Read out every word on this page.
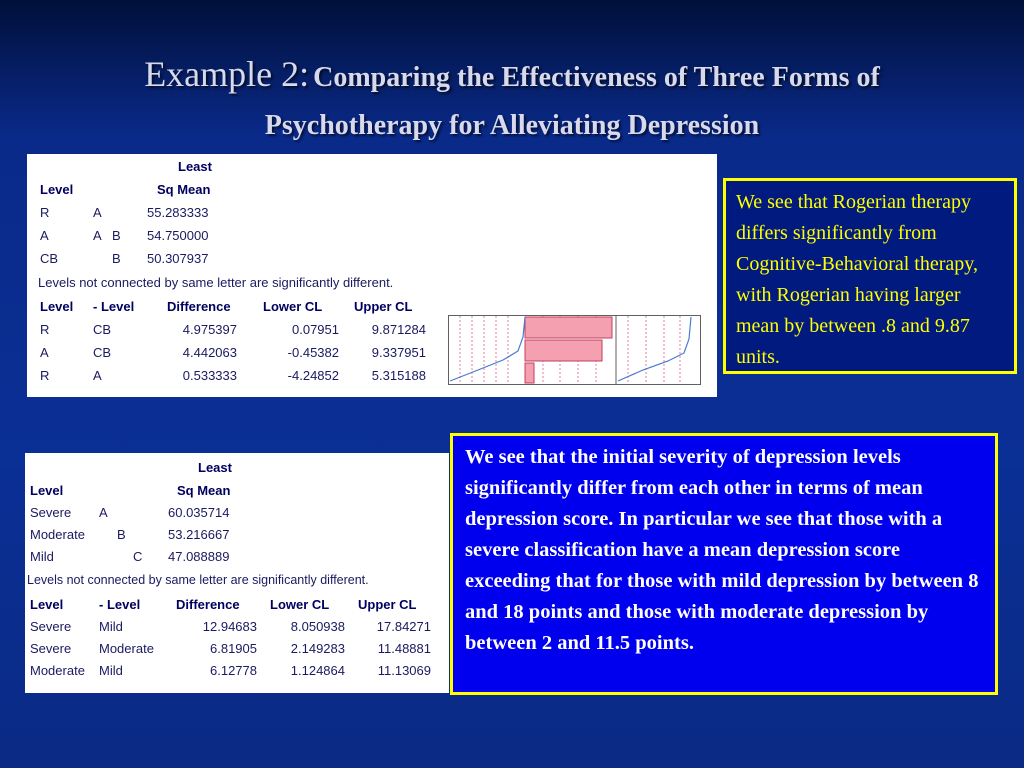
Example 2: Comparing the Effectiveness of Three Forms of
Psychotherapy for Alleviating Depression
Least
Level	Sq Mean
R	A	55.283333
A	A B 54.750000
CB	B 50.307937
Levels not connected by same letter are significantly different.
Level - Level	Difference Lower CL Upper CL
R	CB	4.975397	0.07951	9.871284
A	CB	4.442063	-0.45382	9.337951
R	A	0.533333	-4.24852	5.315188
Least
Level	Sq Mean
Severe A	60.035714
Moderate B	53.216667
Mild	C 47.088889
Levels not connected by same letter are significantly different.
Level	- Level	Difference Lower CL Upper CL
Severe Mild	12.94683	8.050938	17.84271
Severe Moderate	6.81905	2.149283	11.48881
Moderate Mild	6.12778	1.124864	11.13069
We see that Rogerian therapy differs significantly from Cognitive-Behavioral therapy, with Rogerian having larger mean by between .8 and 9.87 units.
We see that the initial severity of depression levels significantly differ from each other in terms of mean depression score. In particular we see that those with a severe classification have a mean depression score exceeding that for those with mild depression by between 8 and 18 points and those with moderate depression by between 2 and 11.5 points.
